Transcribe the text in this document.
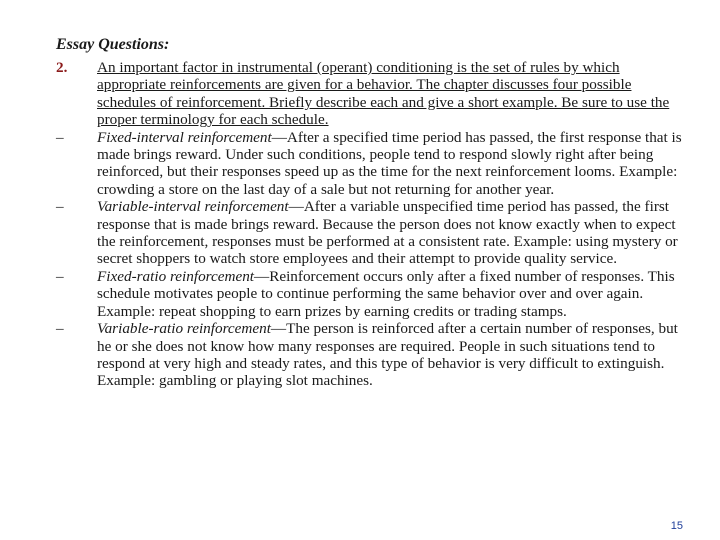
Essay Questions:
2.	An important factor in instrumental (operant) conditioning is the set of rules by which appropriate reinforcements are given for a behavior. The chapter discusses four possible schedules of reinforcement. Briefly describe each and give a short example. Be sure to use the proper terminology for each schedule.
–	Fixed-interval reinforcement—After a specified time period has passed, the first response that is made brings reward. Under such conditions, people tend to respond slowly right after being reinforced, but their responses speed up as the time for the next reinforcement looms. Example: crowding a store on the last day of a sale but not returning for another year.
–	Variable-interval reinforcement—After a variable unspecified time period has passed, the first response that is made brings reward. Because the person does not know exactly when to expect the reinforcement, responses must be performed at a consistent rate. Example: using mystery or secret shoppers to watch store employees and their attempt to provide quality service.
–	Fixed-ratio reinforcement—Reinforcement occurs only after a fixed number of responses. This schedule motivates people to continue performing the same behavior over and over again. Example: repeat shopping to earn prizes by earning credits or trading stamps.
–	Variable-ratio reinforcement—The person is reinforced after a certain number of responses, but he or she does not know how many responses are required. People in such situations tend to respond at very high and steady rates, and this type of behavior is very difficult to extinguish. Example: gambling or playing slot machines.
15
